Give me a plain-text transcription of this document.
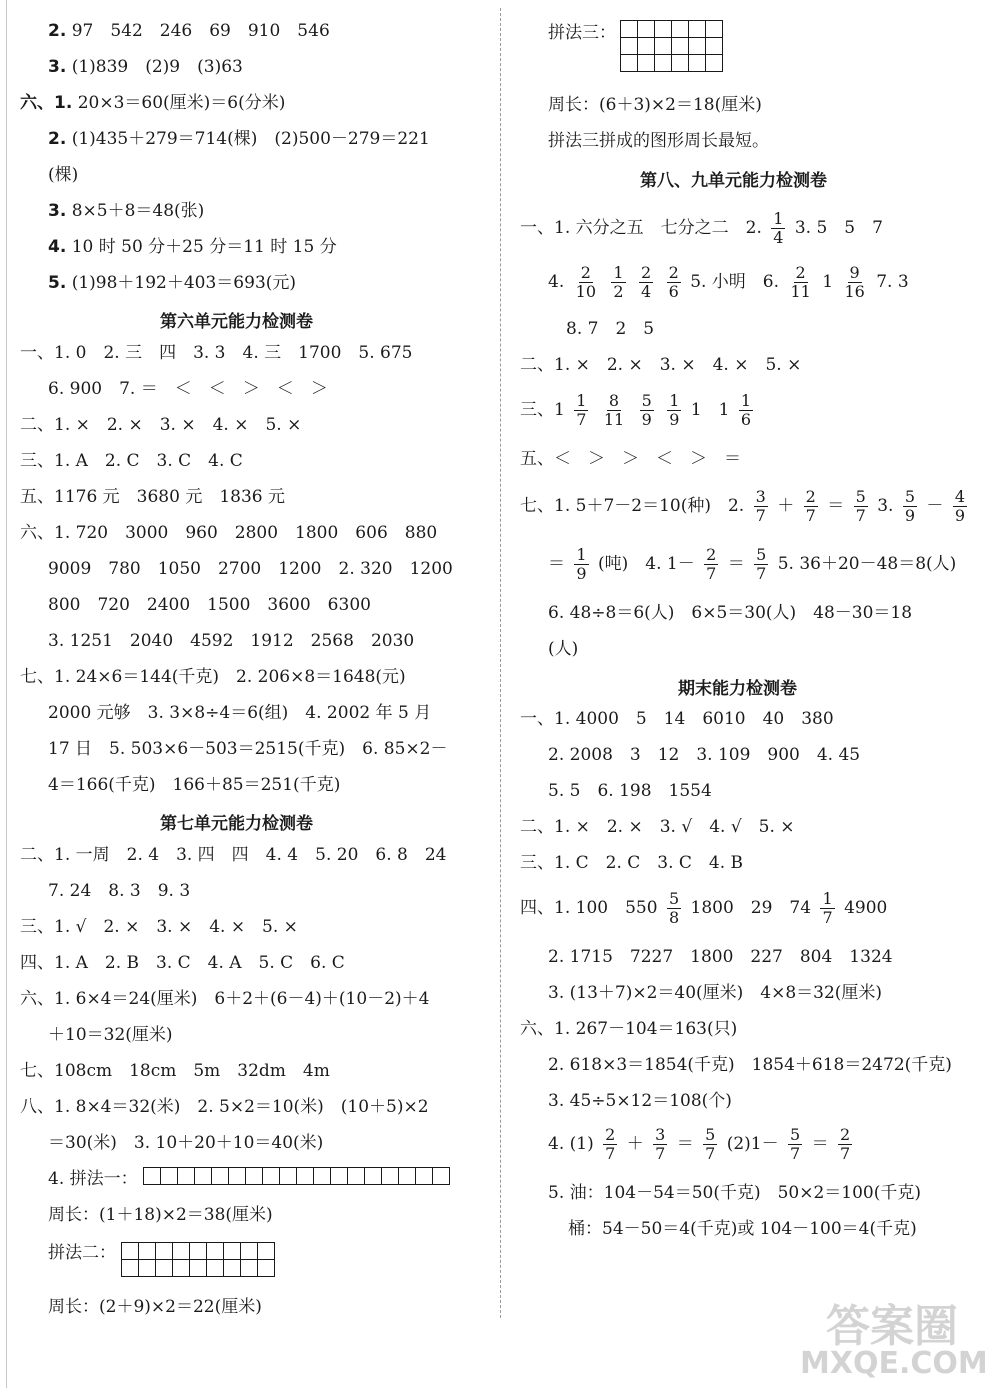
2. 97　542　246　69　910　546
3. (1)839　(2)9　(3)63
六、1. 20×3＝60(厘米)＝6(分米)
2. (1)435＋279＝714(棵)　(2)500－279＝221
(棵)
3. 8×5＋8＝48(张)
4. 10 时 50 分＋25 分＝11 时 15 分
5. (1)98＋192＋403＝693(元)
第六单元能力检测卷
一、1. 0　2. 三　四　3. 3　4. 三　1700　5. 675
6. 900　7. ＝　＜　＜　＞　＜　＞
二、1. ×　2. ×　3. ×　4. ×　5. ×
三、1. A　2. C　3. C　4. C
五、1176 元　3680 元　1836 元
六、1. 720　3000　960　2800　1800　606　880
9009　780　1050　2700　1200　2. 320　1200
800　720　2400　1500　3600　6300
3. 1251　2040　4592　1912　2568　2030
七、1. 24×6＝144(千克)　2. 206×8＝1648(元)
2000 元够　3. 3×8÷4＝6(组)　4. 2002 年 5 月
17 日　5. 503×6－503＝2515(千克)　6. 85×2－
4＝166(千克)　166＋85＝251(千克)
第七单元能力检测卷
二、1. 一周　2. 4　3. 四　四　4. 4　5. 20　6. 8　24
7. 24　8. 3　9. 3
三、1. √　2. ×　3. ×　4. ×　5. ×
四、1. A　2. B　3. C　4. A　5. C　6. C
六、1. 6×4＝24(厘米)　6＋2＋(6－4)＋(10－2)＋4
＋10＝32(厘米)
七、108cm　18cm　5m　32dm　4m
八、1. 8×4＝32(米)　2. 5×2＝10(米)　(10＋5)×2
＝30(米)　3. 10＋20＋10＝40(米)
4. 拼法一：

周长：(1＋18)×2＝38(厘米)
拼法二：

周长：(2＋9)×2＝22(厘米)
拼法三：

周长：(6＋3)×2＝18(厘米)
拼法三拼成的图形周长最短。
第八、九单元能力检测卷
一、1. 六分之五　七分之二　2. $\frac{1}{4} 3$. 5　5　7
4. $\frac{2}{10}$
$\frac{1}{2}$
$\frac{2}{4}$
$\frac{2}{6} 5$. 小明　6. $\frac{2}{11} 1 \frac{9}{16} 7$. 3
8. 7　2　5
二、1. ×　2. ×　3. ×　4. ×　5. ×
三、$1 \frac{1}{7}$
$\frac{8}{11}$
$\frac{5}{9}$
$\frac{1}{9} 1$　$1 \frac{1}{6}$
五、＜　＞　＞　＜　＞　＝
七、1. 5＋7－2＝10(种)　2. $\frac{3}{7} + \frac{2}{7} = \frac{5}{7} 3$. $\frac{5}{9} - \frac{4}{9}$
＝ $\frac{1}{9}$ (吨)　4. $1- \frac{2}{7} = \frac{5}{7} 5$. 36＋20－48＝8(人)
6. 48÷8＝6(人)　6×5＝30(人)　48－30＝18
(人)
期末能力检测卷
一、1. 4000　5　14　6010　40　380
2. 2008　3　12　3. 109　900　4. 45
5. 5　6. 198　1554
二、1. ×　2. ×　3. √　4. √　5. ×
三、1. C　2. C　3. C　4. B
四、1. 100　$550 \frac{5}{8} 1800$　29　$74 \frac{1}{7} 4900$
2. 1715　7227　1800　227　804　1324
3. (13＋7)×2＝40(厘米)　4×8＝32(厘米)
六、1. 267－104＝163(只)
2. 618×3＝1854(千克)　1854＋618＝2472(千克)
3. 45÷5×12＝108(个)
4. $(1) \frac{2}{7} + \frac{3}{7} = \frac{5}{7} (2)1- \frac{5}{7} = \frac{2}{7}$
5. 油：104－54＝50(千克)　50×2＝100(千克)
桶：54－50＝4(千克)或 104－100＝4(千克)
答案圈
MXQE.COM
